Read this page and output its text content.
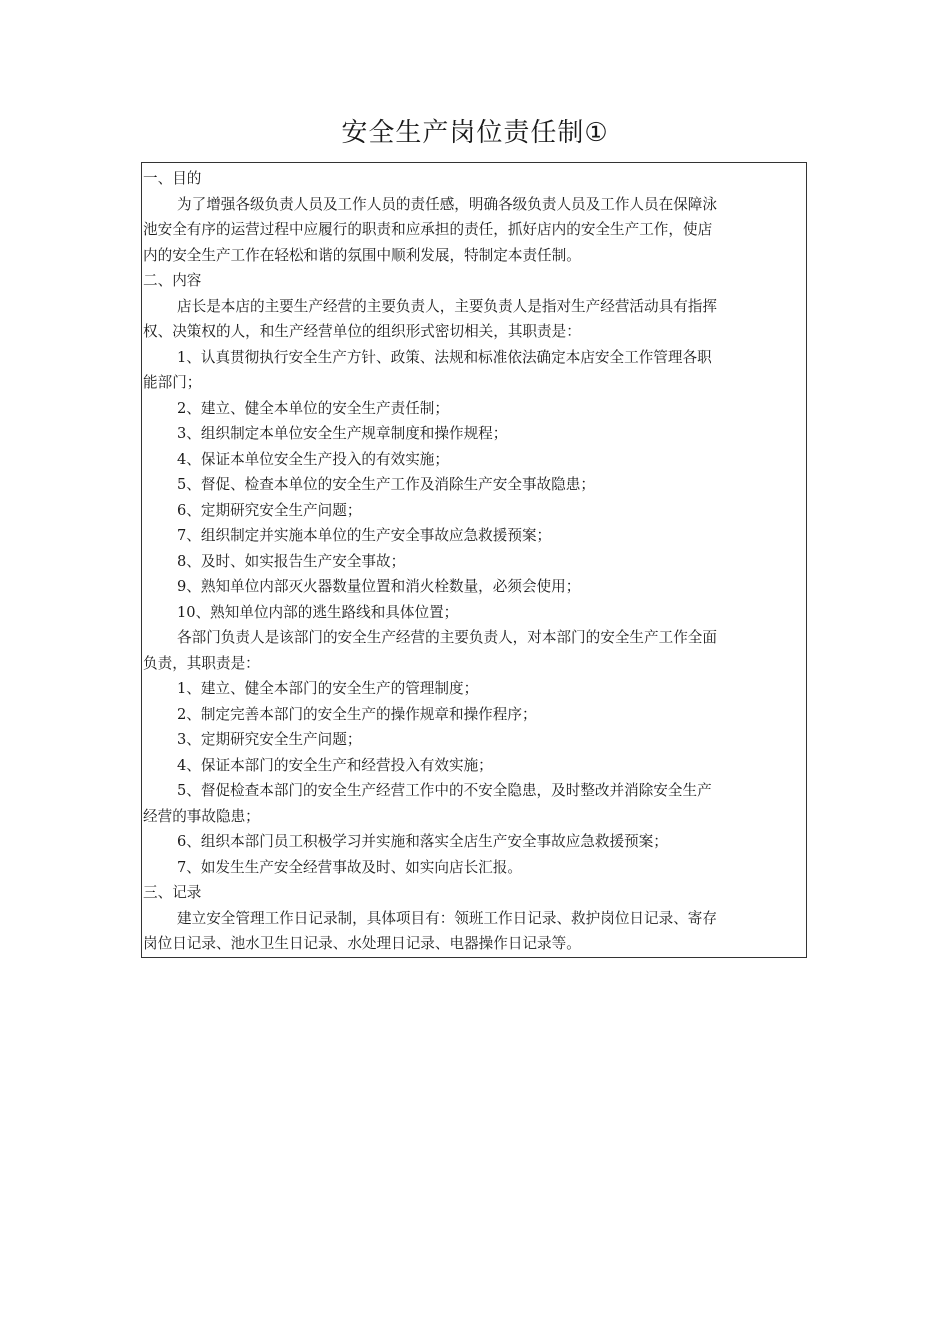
安全生产岗位责任制①
一、目的
为了增强各级负责人员及工作人员的责任感，明确各级负责人员及工作人员在保障泳
池安全有序的运营过程中应履行的职责和应承担的责任，抓好店内的安全生产工作，使店
内的安全生产工作在轻松和谐的氛围中顺利发展，特制定本责任制。
二、内容
店长是本店的主要生产经营的主要负责人，主要负责人是指对生产经营活动具有指挥
权、决策权的人，和生产经营单位的组织形式密切相关，其职责是：
1、认真贯彻执行安全生产方针、政策、法规和标准依法确定本店安全工作管理各职
能部门；
2、建立、健全本单位的安全生产责任制；
3、组织制定本单位安全生产规章制度和操作规程；
4、保证本单位安全生产投入的有效实施；
5、督促、检查本单位的安全生产工作及消除生产安全事故隐患；
6、定期研究安全生产问题；
7、组织制定并实施本单位的生产安全事故应急救援预案；
8、及时、如实报告生产安全事故；
9、熟知单位内部灭火器数量位置和消火栓数量，必须会使用；
10、熟知单位内部的逃生路线和具体位置；
各部门负责人是该部门的安全生产经营的主要负责人，对本部门的安全生产工作全面
负责，其职责是：
1、建立、健全本部门的安全生产的管理制度；
2、制定完善本部门的安全生产的操作规章和操作程序；
3、定期研究安全生产问题；
4、保证本部门的安全生产和经营投入有效实施；
5、督促检查本部门的安全生产经营工作中的不安全隐患，及时整改并消除安全生产
经营的事故隐患；
6、组织本部门员工积极学习并实施和落实全店生产安全事故应急救援预案；
7、如发生生产安全经营事故及时、如实向店长汇报。
三、记录
建立安全管理工作日记录制，具体项目有：领班工作日记录、救护岗位日记录、寄存
岗位日记录、池水卫生日记录、水处理日记录、电器操作日记录等。
